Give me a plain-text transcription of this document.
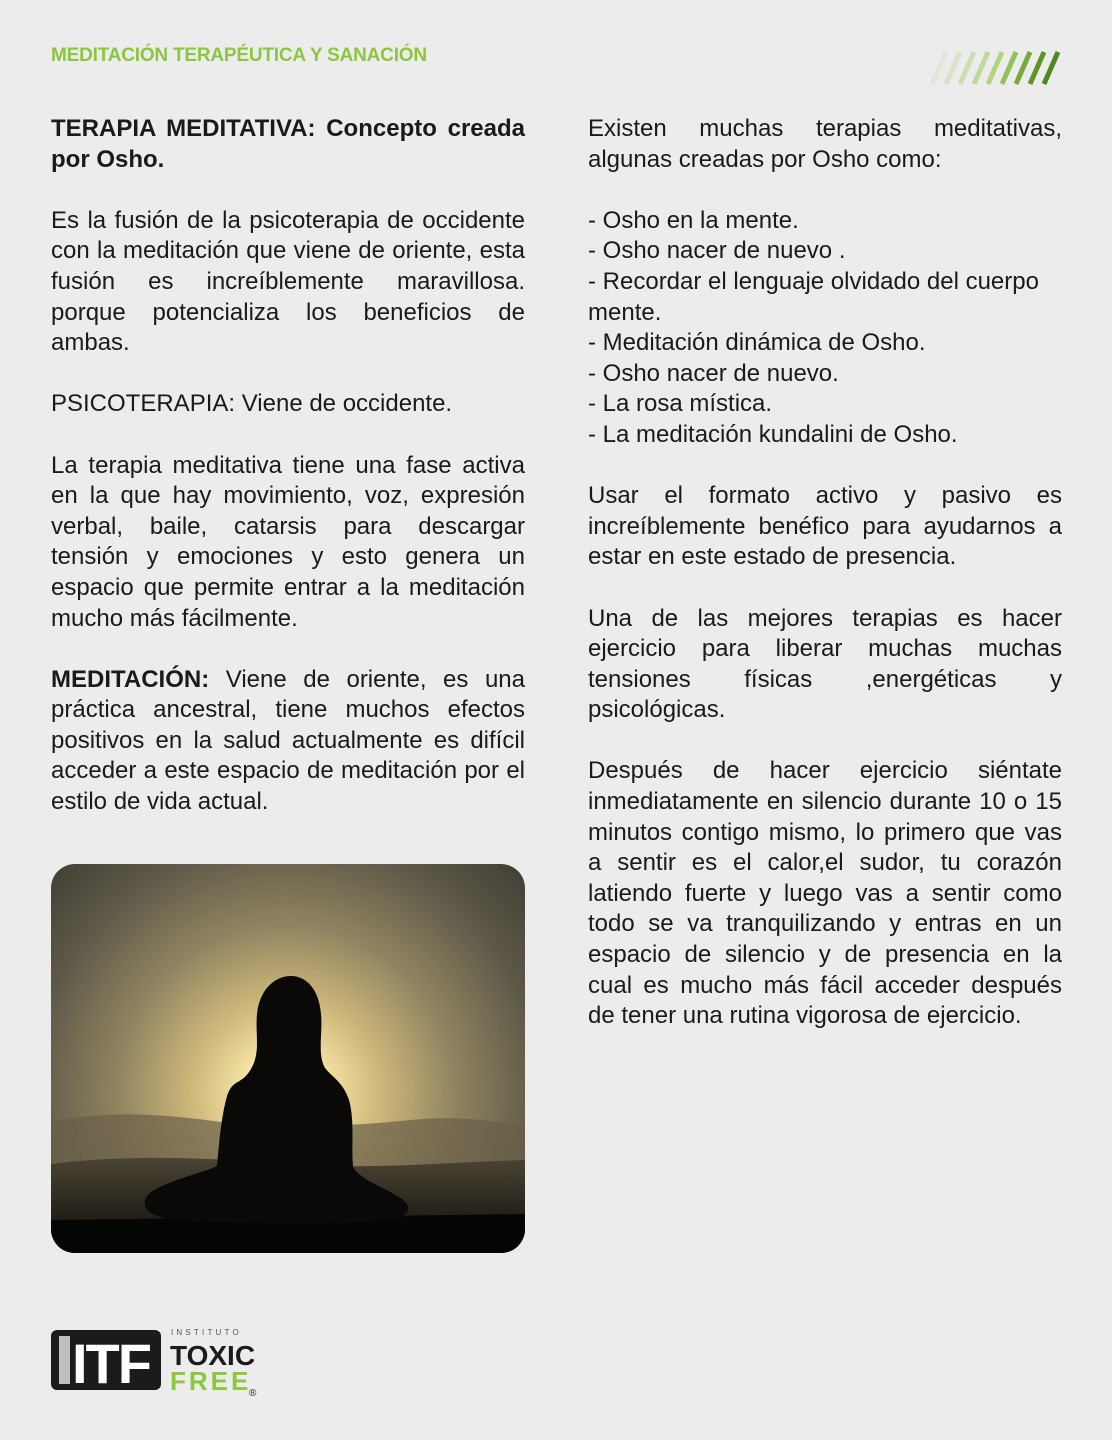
MEDITACIÓN TERAPÉUTICA Y SANACIÓN

TERAPIA MEDITATIVA: Concepto creada por Osho.

Es la fusión de la psicoterapia de occidente con la meditación que viene de oriente, esta fusión es increíblemente maravillosa. porque potencializa los beneficios de ambas.

PSICOTERAPIA: Viene de occidente.

La terapia meditativa tiene una fase activa en la que hay movimiento, voz, expresión verbal, baile, catarsis para descargar tensión y emociones y esto genera un espacio que permite entrar a la meditación mucho más fácilmente.

MEDITACIÓN: Viene de oriente, es una práctica ancestral, tiene muchos efectos positivos en la salud actualmente es difícil acceder a este espacio de meditación por el estilo de vida actual.

Existen muchas terapias meditativas, algunas creadas por Osho como:

- Osho en la mente.
- Osho nacer de nuevo .
- Recordar el lenguaje olvidado del cuerpo mente.
- Meditación dinámica de Osho.
- Osho nacer de nuevo.
- La rosa mística.
- La meditación kundalini de Osho.

Usar el formato activo y pasivo es increíblemente benéfico para ayudarnos a estar en este estado de presencia.

Una de las mejores terapias es hacer ejercicio para liberar muchas muchas tensiones físicas ,energéticas y psicológicas.

Después de hacer ejercicio siéntate inmediatamente en silencio durante 10 o 15 minutos contigo mismo, lo primero que vas a sentir es el calor,el sudor, tu corazón latiendo fuerte y luego vas a sentir como todo se va tranquilizando y entras en un espacio de silencio y de presencia en la cual es mucho más fácil acceder después de tener una rutina vigorosa de ejercicio.

ITF	INSTITUTO
TOXIC
FREE
®
